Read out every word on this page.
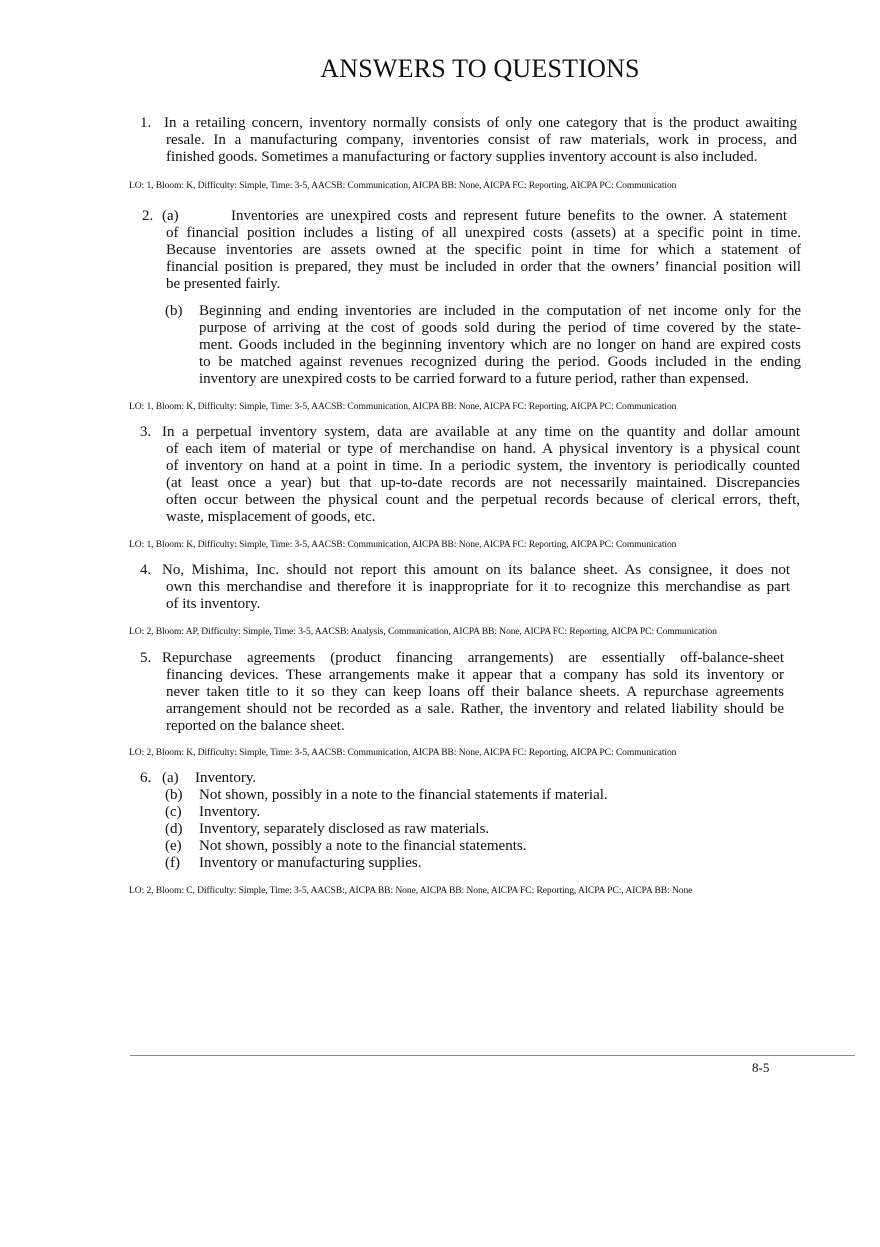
ANSWERS TO QUESTIONS
1. In a retailing concern, inventory normally consists of only one category that is the product awaiting
resale. In a manufacturing company, inventories consist of raw materials, work in process, and
finished goods. Sometimes a manufacturing or factory supplies inventory account is also included.
LO: 1, Bloom: K, Difficulty: Simple, Time: 3-5, AACSB: Communication, AICPA BB: None, AICPA FC: Reporting, AICPA PC: Communication
2. (a)	Inventories are unexpired costs and represent future benefits to the owner. A statement
of financial position includes a listing of all unexpired costs (assets) at a specific point in time.
Because inventories are assets owned at the specific point in time for which a statement of
financial position is prepared, they must be included in order that the owners’ financial position will
be presented fairly.
(b) Beginning and ending inventories are included in the computation of net income only for the
purpose of arriving at the cost of goods sold during the period of time covered by the state-
ment. Goods included in the beginning inventory which are no longer on hand are expired costs
to be matched against revenues recognized during the period. Goods included in the ending
inventory are unexpired costs to be carried forward to a future period, rather than expensed.
LO: 1, Bloom: K, Difficulty: Simple, Time: 3-5, AACSB: Communication, AICPA BB: None, AICPA FC: Reporting, AICPA PC: Communication
3. In a perpetual inventory system, data are available at any time on the quantity and dollar amount
of each item of material or type of merchandise on hand. A physical inventory is a physical count
of inventory on hand at a point in time. In a periodic system, the inventory is periodically counted
(at least once a year) but that up-to-date records are not necessarily maintained. Discrepancies
often occur between the physical count and the perpetual records because of clerical errors, theft,
waste, misplacement of goods, etc.
LO: 1, Bloom: K, Difficulty: Simple, Time: 3-5, AACSB: Communication, AICPA BB: None, AICPA FC: Reporting, AICPA PC: Communication
4. No, Mishima, Inc. should not report this amount on its balance sheet. As consignee, it does not
own this merchandise and therefore it is inappropriate for it to recognize this merchandise as part
of its inventory.
LO: 2, Bloom: AP, Difficulty: Simple, Time: 3-5, AACSB: Analysis, Communication, AICPA BB: None, AICPA FC: Reporting, AICPA PC: Communication
5. Repurchase agreements (product financing arrangements) are essentially off-balance-sheet
financing devices. These arrangements make it appear that a company has sold its inventory or
never taken title to it so they can keep loans off their balance sheets. A repurchase agreements
arrangement should not be recorded as a sale. Rather, the inventory and related liability should be
reported on the balance sheet.
LO: 2, Bloom: K, Difficulty: Simple, Time: 3-5, AACSB: Communication, AICPA BB: None, AICPA FC: Reporting, AICPA PC: Communication
6. (a) Inventory.
(b) Not shown, possibly in a note to the financial statements if material.
(c) Inventory.
(d) Inventory, separately disclosed as raw materials.
(e) Not shown, possibly a note to the financial statements.
(f) Inventory or manufacturing supplies.
LO: 2, Bloom: C, Difficulty: Simple, Time: 3-5, AACSB:, AICPA BB: None, AICPA BB: None, AICPA FC: Reporting, AICPA PC:, AICPA BB: None
8-5
